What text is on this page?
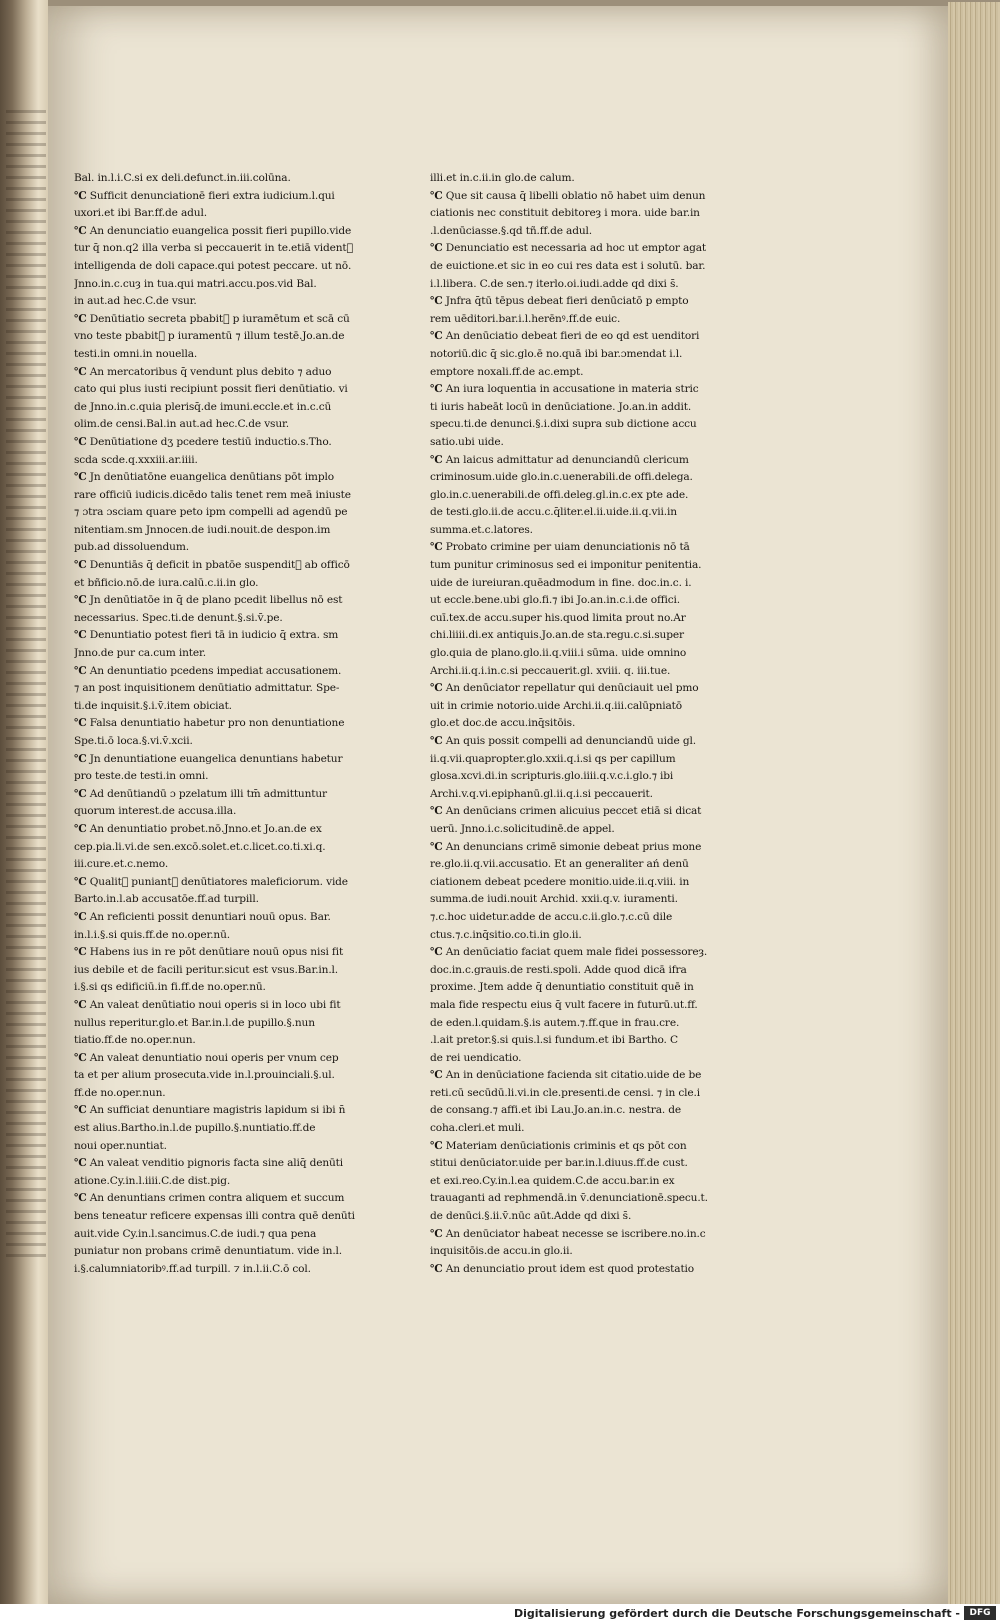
Bal. in.l.i.C.si ex deli.defunct.in.iii.colūna.
℃ Sufficit denunciationē fieri extra iudicium.l.qui
uxori.et ibi Bar.ff.de adul.
℃ An denunciatio euangelica possit fieri pupillo.vide
tur q̄ non.q2 illa verba si peccauerit in te.etiā videntᷣ
intelligenda de doli capace.qui potest peccare. ut nō.
Jnno.in.c.cuȝ in tua.qui matri.accu.pos.vid Bal.
in aut.ad hec.C.de vsur.
℃ Denūtiatio secreta pbabitᷣ p iuramētum et scā cū
vno teste pbabitᷣ p iuramentū ⁊ illum testē.Jo.an.de
testi.in omni.in nouella.
℃ An mercatoribus q̄ vendunt plus debito ⁊ aduo
cato qui plus iusti recipiunt possit fieri denūtiatio. vi
de Jnno.in.c.quia plerisq̄.de imuni.eccle.et in.c.cū
olim.de censi.Bal.in aut.ad hec.C.de vsur.
℃ Denūtiatione dʒ pcedere testiū inductio.s.Tho.
scda scde.q.xxxiii.ar.iiii.
℃ Jn denūtiatōne euangelica denūtians pōt implo
rare officiū iudicis.dicēdo talis tenet rem meā iniuste
⁊ ɔtra ɔsciam quare peto ipm compelli ad agendū pe
nitentiam.sm Jnnocen.de iudi.nouit.de despon.im
pub.ad dissoluendum.
℃ Denuntiās q̄ deficit in pbatōe suspenditᷣ ab officō
et bñficio.nō.de iura.calū.c.ii.in glo.
℃ Jn denūtiatōe in q̄ de plano pcedit libellus nō est
necessarius. Spec.ti.de denunt.§.si.v̄.pe.
℃ Denuntiatio potest fieri tā in iudicio q̄ extra. sm
Jnno.de pur ca.cum inter.
℃ An denuntiatio pcedens impediat accusationem.
⁊ an post inquisitionem denūtiatio admittatur. Spe-
ti.de inquisit.§.i.v̄.item obiciat.
℃ Falsa denuntiatio habetur pro non denuntiatione
Spe.ti.ō loca.§.vi.v̄.xcii.
℃ Jn denuntiatione euangelica denuntians habetur
pro teste.de testi.in omni.
℃ Ad denūtiandū ɔ pzelatum illi tm̄ admittuntur
quorum interest.de accusa.illa.
℃ An denuntiatio probet.nō.Jnno.et Jo.an.de ex
cep.pia.li.vi.de sen.excō.solet.et.c.licet.co.ti.xi.q.
iii.cure.et.c.nemo.
℃ Qualitᷣ puniantᷣ denūtiatores maleficiorum. vide
Barto.in.l.ab accusatōe.ff.ad turpill.
℃ An reficienti possit denuntiari nouū opus. Bar.
in.l.i.§.si quis.ff.de no.oper.nū.
℃ Habens ius in re pōt denūtiare nouū opus nisi fit
ius debile et de facili peritur.sicut est vsus.Bar.in.l.
i.§.si qs edificiū.in fi.ff.de no.oper.nū.
℃ An valeat denūtiatio noui operis si in loco ubi fit
nullus reperitur.glo.et Bar.in.l.de pupillo.§.nun
tiatio.ff.de no.oper.nun.
℃ An valeat denuntiatio noui operis per vnum cep
ta et per alium prosecuta.vide in.l.prouinciali.§.ul.
ff.de no.oper.nun.
℃ An sufficiat denuntiare magistris lapidum si ibi n̄
est alius.Bartho.in.l.de pupillo.§.nuntiatio.ff.de
noui oper.nuntiat.
℃ An valeat venditio pignoris facta sine aliq̄ denūti
atione.Cy.in.l.iiii.C.de dist.pig.
℃ An denuntians crimen contra aliquem et succum
bens teneatur reficere expensas illi contra quē denūti
auit.vide Cy.in.l.sancimus.C.de iudi.⁊ qua pena
puniatur non probans crimē denuntiatum. vide in.l.
i.§.calumniatoribꝰ.ff.ad turpill. ⁊ in.l.ii.C.ō col.
illi.et in.c.ii.in glo.de calum.
℃ Que sit causa q̄ libelli oblatio nō habet uim denun
ciationis nec constituit debitoreȝ i mora. uide bar.in
.l.denūciasse.§.qd tñ.ff.de adul.
℃ Denunciatio est necessaria ad hoc ut emptor agat
de euictione.et sic in eo cui res data est i solutū. bar.
i.l.libera. C.de sen.⁊ iterlo.oi.iudi.adde qd dixi s̄.
℃ Jnfra q̄tū tēpus debeat fieri denūciatō p empto
rem uēditori.bar.i.l.herēnꝰ.ff.de euic.
℃ An denūciatio debeat fieri de eo qd est uenditori
notoriū.dic q̄ sic.glo.ē no.quā ibi bar.ɔmendat i.l.
emptore noxali.ff.de ac.empt.
℃ An iura loquentia in accusatione in materia stric
ti iuris habeāt locū in denūciatione. Jo.an.in addit.
specu.ti.de denunci.§.i.dixi supra sub dictione accu
satio.ubi uide.
℃ An laicus admittatur ad denunciandū clericum
criminosum.uide glo.in.c.uenerabili.de offi.delega.
glo.in.c.uenerabili.de offi.deleg.gl.in.c.ex pte ade.
de testi.glo.ii.de accu.c.q̄liter.el.ii.uide.ii.q.vii.in
summa.et.c.latores.
℃ Probato crimine per uiam denunciationis nō tā
tum punitur criminosus sed ei imponitur penitentia.
uide de iureiuran.quēadmodum in fine. doc.in.c. i.
ut eccle.bene.ubi glo.fi.⁊ ibi Jo.an.in.c.i.de offici.
cuī.tex.de accu.super his.quod limita prout no.Ar
chi.liiii.di.ex antiquis.Jo.an.de sta.regu.c.si.super
glo.quia de plano.glo.ii.q.viii.i sūma. uide omnino
Archi.ii.q.i.in.c.si peccauerit.gl. xviii. q. iii.tue.
℃ An denūciator repellatur qui denūciauit uel pmo
uit in crimie notorio.uide Archi.ii.q.iii.calūpniatō
glo.et doc.de accu.inq̄sitōis.
℃ An quis possit compelli ad denunciandū uide gl.
ii.q.vii.quapropter.glo.xxii.q.i.si qs per capillum
glosa.xcvi.di.in scripturis.glo.iiii.q.v.c.i.glo.⁊ ibi
Archi.v.q.vi.epiphanū.gl.ii.q.i.si peccauerit.
℃ An denūcians crimen alicuius peccet etiā si dicat
uerū. Jnno.i.c.solicitudinē.de appel.
℃ An denuncians crimē simonie debeat prius mone
re.glo.ii.q.vii.accusatio. Et an generaliter ań denū
ciationem debeat pcedere monitio.uide.ii.q.viii. in
summa.de iudi.nouit Archid. xxii.q.v. iuramenti.
⁊.c.hoc uidetur.adde de accu.c.ii.glo.⁊.c.cū dile
ctus.⁊.c.inq̄sitio.co.ti.in glo.ii.
℃ An denūciatio faciat quem male fidei possessoreȝ.
doc.in.c.grauis.de resti.spoli. Adde quod dicā ifra
proxime. Jtem adde q̄ denuntiatio constituit quē in
mala fide respectu eius q̄ vult facere in futurū.ut.ff.
de eden.l.quidam.§.is autem.⁊.ff.que in frau.cre.
.l.ait pretor.§.si quis.l.si fundum.et ibi Bartho. C
de rei uendicatio.
℃ An in denūciatione facienda sit citatio.uide de be
reti.cū secūdū.li.vi.in cle.presenti.de censi. ⁊ in cle.i
de consang.⁊ affi.et ibi Lau.Jo.an.in.c. nestra. de
coha.cleri.et muli.
℃ Materiam denūciationis criminis et qs pōt con
stitui denūciator.uide per bar.in.l.diuus.ff.de cust.
et exi.reo.Cy.in.l.ea quidem.C.de accu.bar.in ex
trauaganti ad rephmendā.in v̄.denunciationē.specu.t.
de denūci.§.ii.v̄.nūc aūt.Adde qd dixi s̄.
℃ An denūciator habeat necesse se iscribere.no.in.c
inquisitōis.de accu.in glo.ii.
℃ An denunciatio prout idem est quod protestatio
Digitalisierung gefördert durch die Deutsche Forschungsgemeinschaft -	DFG
